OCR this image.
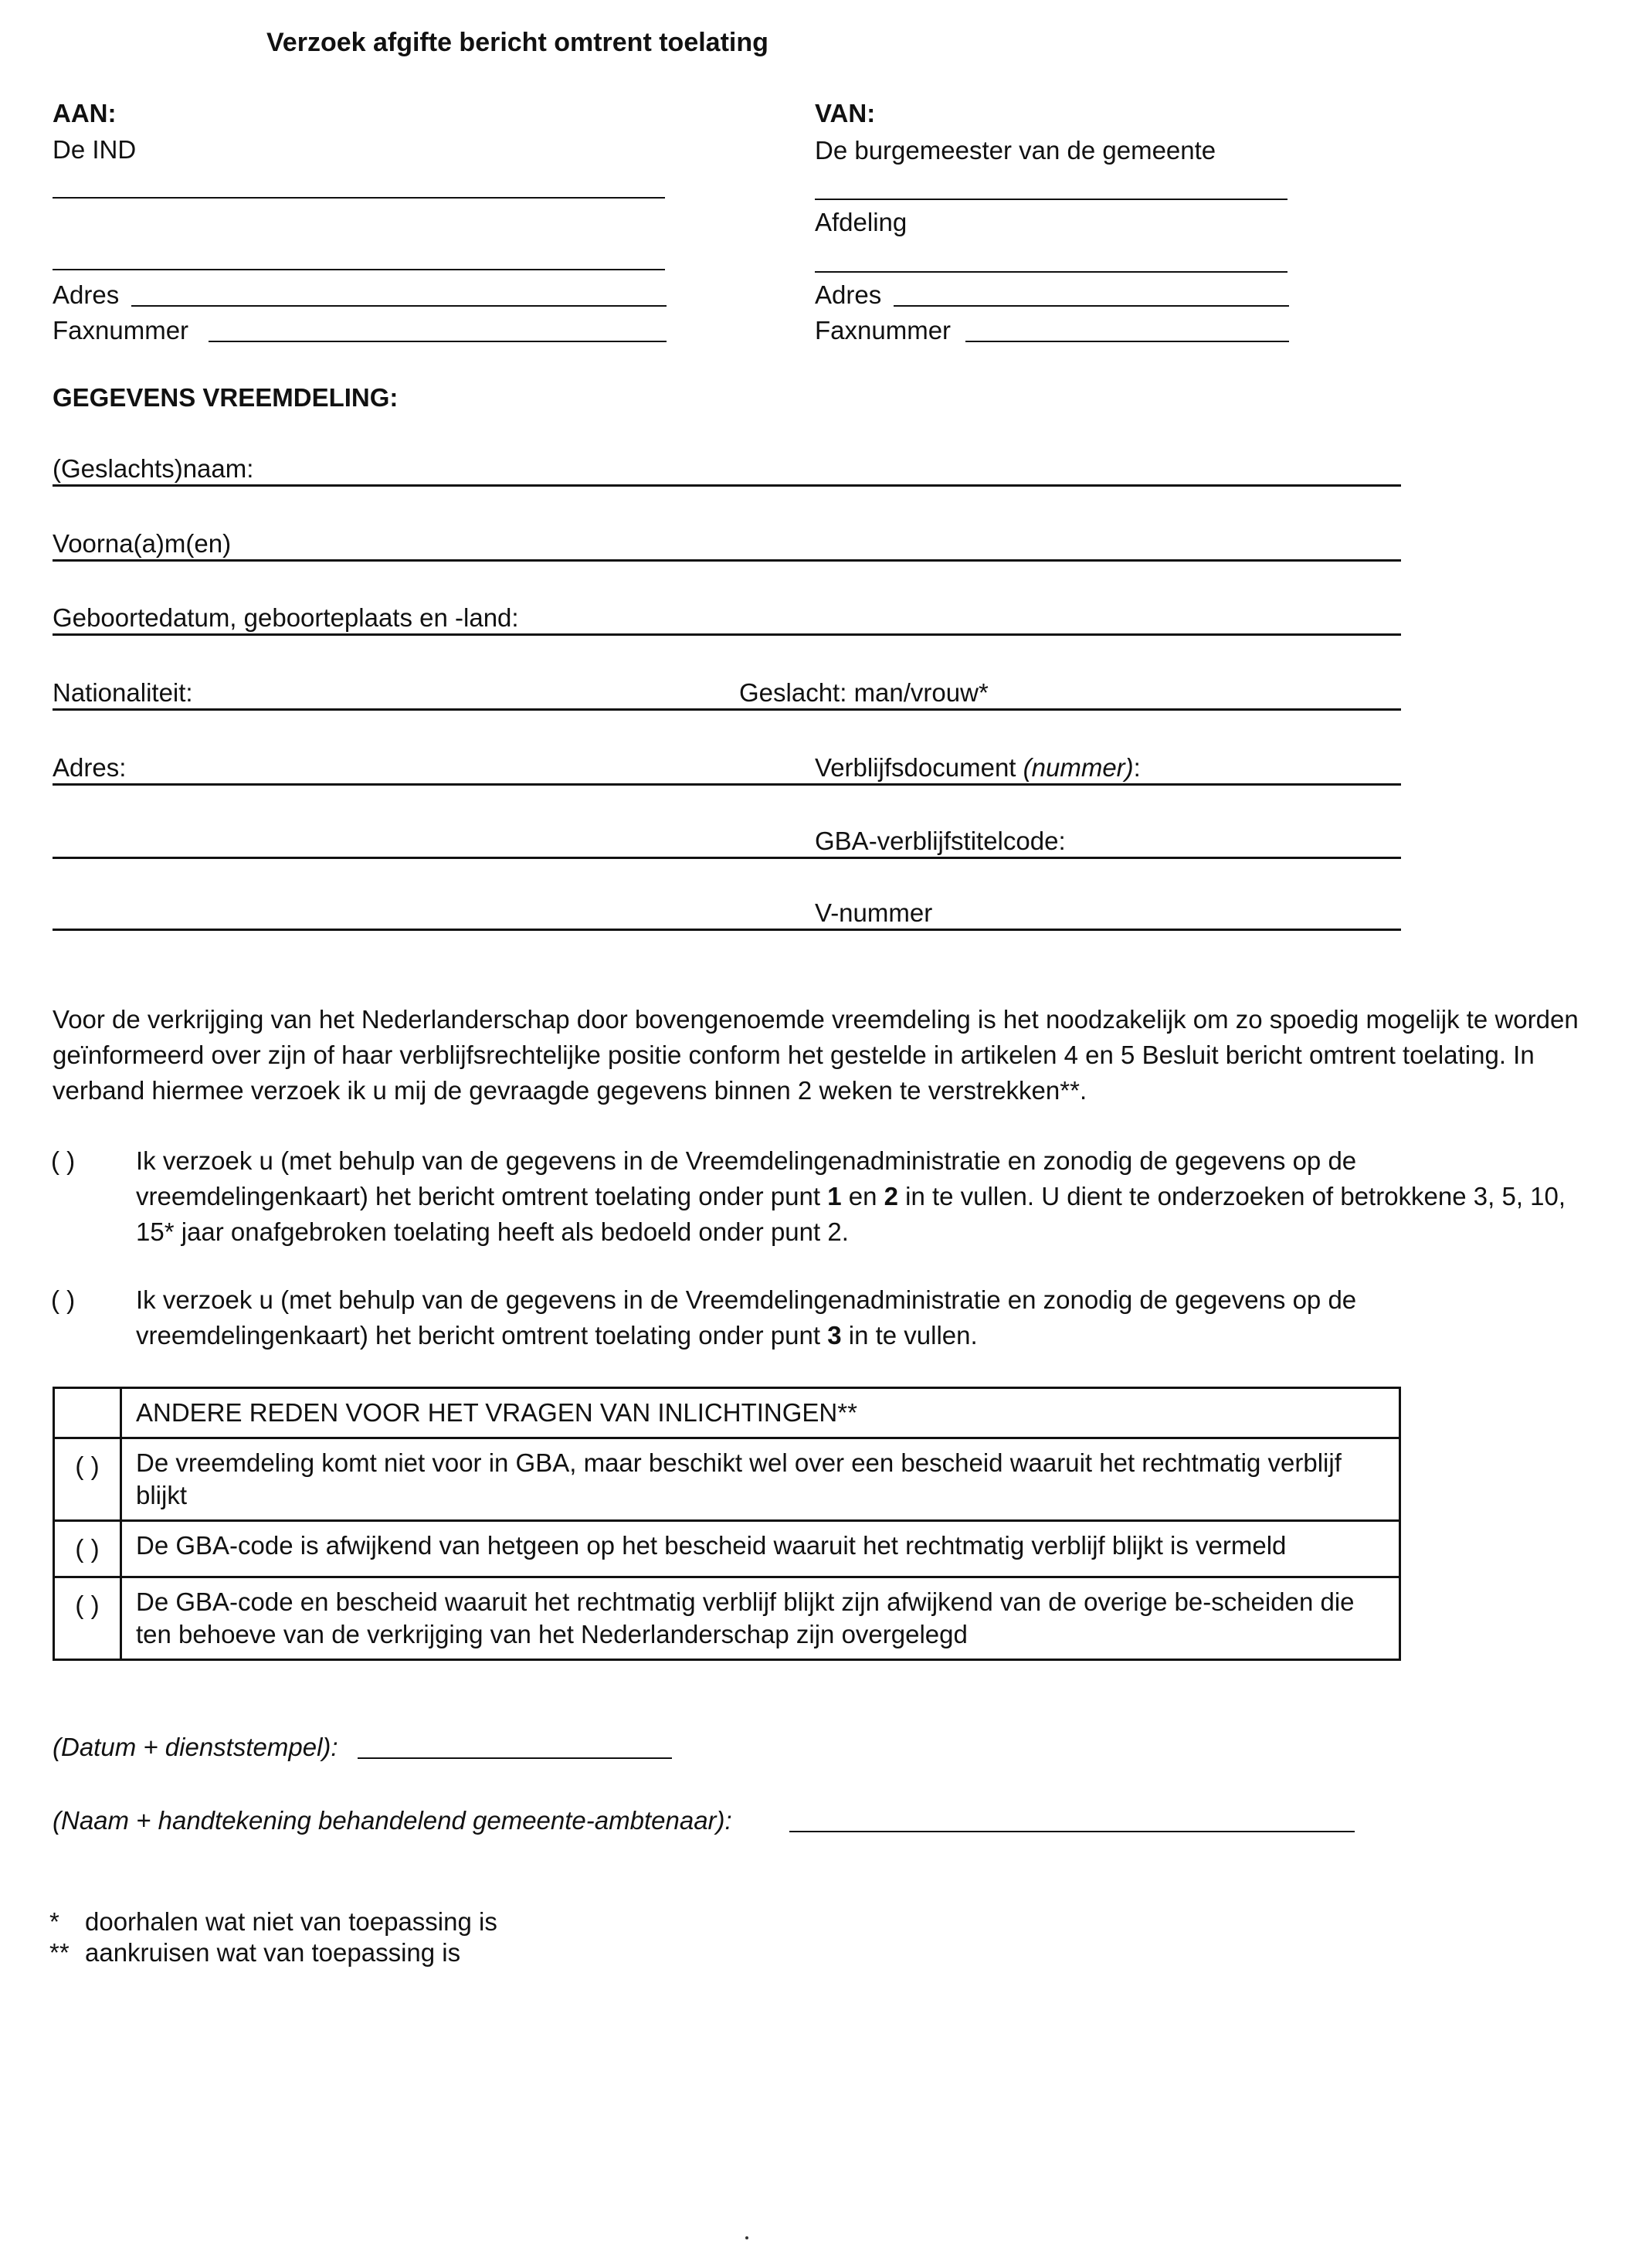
Verzoek afgifte bericht omtrent toelating
AAN:
De IND
Adres
Faxnummer
VAN:
De burgemeester van de gemeente
Afdeling
Adres
Faxnummer
GEGEVENS VREEMDELING:
(Geslachts)naam:
Voorna(a)m(en)
Geboortedatum, geboorteplaats en -land:
Nationaliteit:	Geslacht: man/vrouw*
Adres:	Verblijfsdocument (nummer):
GBA-verblijfstitelcode:
V-nummer
Voor de verkrijging van het Nederlanderschap door bovengenoemde vreemdeling is het noodzakelijk om zo spoedig mogelijk te worden geïnformeerd over zijn of haar verblijfsrechtelijke positie conform het gestelde in artikelen 4 en 5 Besluit bericht omtrent toelating. In verband hiermee verzoek ik u mij de gevraagde gegevens binnen 2 weken te verstrekken**.
( ) Ik verzoek u (met behulp van de gegevens in de Vreemdelingenadministratie en zonodig de gegevens op de vreemdelingenkaart) het bericht omtrent toelating onder punt 1 en 2 in te vullen. U dient te onderzoeken of betrokkene 3, 5, 10, 15* jaar onafgebroken toelating heeft als bedoeld onder punt 2.
( ) Ik verzoek u (met behulp van de gegevens in de Vreemdelingenadministratie en zonodig de gegevens op de vreemdelingenkaart) het bericht omtrent toelating onder punt 3 in te vullen.
	ANDERE REDEN VOOR HET VRAGEN VAN INLICHTINGEN**
( )	De vreemdeling komt niet voor in GBA, maar beschikt wel over een bescheid waaruit het rechtmatig verblijf blijkt
( )	De GBA-code is afwijkend van hetgeen op het bescheid waaruit het rechtmatig verblijf blijkt is vermeld
( )	De GBA-code en bescheid waaruit het rechtmatig verblijf blijkt zijn afwijkend van de overige be-scheiden die ten behoeve van de verkrijging van het Nederlanderschap zijn overgelegd
(Datum + dienststempel):
(Naam + handtekening behandelend gemeente-ambtenaar):
* doorhalen wat niet van toepassing is
** aankruisen wat van toepassing is
